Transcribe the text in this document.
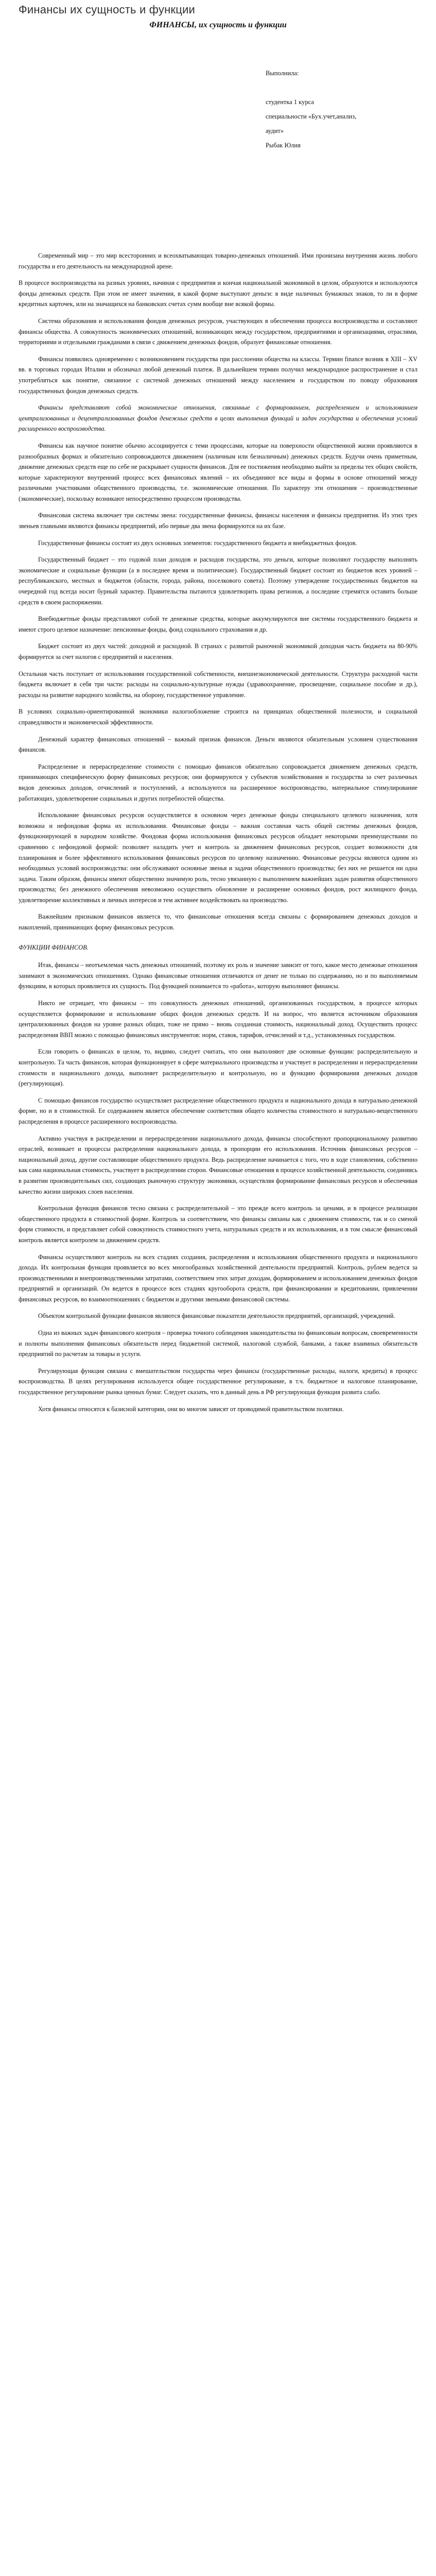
Финансы их сущность и функции
ФИНАНСЫ, их сущность и функции
Выполнила:
студентка 1 курса
специальности «Бух.учет,анализ,
аудит»
Рыбак Юлия

Современный мир – это мир всесторонних и всеохватывающих товарно-денежных отношений. Ими пронизана внутренняя жизнь любого государства и его деятельность на международной арене.

В процессе воспроизводства на разных уровнях, начиная с предприятия и кончая национальной экономикой в целом, образуются и используются фонды денежных средств. При этом не имеет значения, в какой форме выступают деньги: в виде наличных бумажных знаков, то ли в форме кредитных карточек, или на значащихся на банковских счетах сумм вообще вне всякой формы.

Система образования и использования фондов денежных ресурсов, участвующих в обеспечении процесса воспроизводства и составляют финансы общества. А совокупность экономических отношений, возникающих между государством, предприятиями и организациями, отраслями, территориями и отдельными гражданами в связи с движением денежных фондов, образует финансовые отношения.

Финансы появились одновременно с возникновением государства при расслоении общества на классы. Термин finance возник в XIII – XV вв. в торговых городах Италии и обозначал любой денежный платеж. В дальнейшем термин получил международное распространение и стал употребляться как понятие, связанное с системой денежных отношений между населением и государством по поводу образования государственных фондов денежных средств.

Финансы представляют собой экономические отношения, связанные с формированием, распределением и использованием централизованных и децентрализованных фондов денежных средств в целях выполнения функций и задач государства и обеспечения условий расширенного воспроизводства.

Финансы как научное понятие обычно ассоциируется с теми процессами, которые на поверхности общественной жизни проявляются в разнообразных формах и обязательно сопровождаются движением (наличным или безналичным) денежных средств. Будучи очень приметным, движение денежных средств еще по себе не раскрывает сущности финансов. Для ее постижения необходимо выйти за пределы тех общих свойств, которые характеризуют внутренний процесс всех финансовых явлений – их объединяют все виды и формы в основе отношений между различными участниками общественного производства, т.е. экономические отношения. По характеру эти отношения – производственные (экономические), поскольку возникают непосредственно процессом производства.

Финансовая система включает три системы звена: государственные финансы, финансы населения и финансы предприятия. Из этих трех звеньев главными являются финансы предприятий, ибо первые два звена формируются на их базе.

Государственные финансы состоят из двух основных элементов: государственного бюджета и внебюджетных фондов.

Государственный бюджет – это годовой план доходов и расходов государства, это деньги, которые позволяют государству выполнять экономические и социальные функции (а в последнее время и политические). Государственный бюджет состоит из бюджетов всех уровней – республиканского, местных и бюджетов (области, города, района, поселкового совета). Поэтому утверждение государственных бюджетов на очередной год всегда носит бурный характер. Правительства пытаются удовлетворить права регионов, а последние стремятся оставить больше средств в своем распоряжении.

Внебюджетные фонды представляют собой те денежные средства, которые аккумулируются вне системы государственного бюджета и имеют строго целевое назначение: пенсионные фонды, фонд социального страхования и др.

Бюджет состоит из двух частей: доходной и расходной. В странах с развитой рыночной экономикой доходная часть бюджета на 80-90% формируется за счет налогов с предприятий и населения.

Остальная часть поступает от использования государственной собственности, внешнеэкономической деятельности. Структура расходной части бюджета включает в себя три части: расходы на социально-культурные нужды (здравоохранение, просвещение, социальное пособие и др.), расходы на развитие народного хозяйства, на оборону, государственное управление.

В условиях социально-ориентированной экономики налогообложение строится на принципах общественной полезности, и социальной справедливости и экономической эффективности.

Денежный характер финансовых отношений – важный признак финансов. Деньги являются обязательным условием существования финансов.

Распределение и перераспределение стоимости с помощью финансов обязательно сопровождается движением денежных средств, принимающих специфическую форму финансовых ресурсов; они формируются у субъектов хозяйствования и государства за счет различных видов денежных доходов, отчислений и поступлений, а используются на расширенное воспроизводство, материальное стимулирование работающих, удовлетворение социальных и других потребностей общества.

Использование финансовых ресурсов осуществляется в основном через денежные фонды специального целевого назначения, хотя возможна и нефондовая форма их использования. Финансовые фонды – важная составная часть общей системы денежных фондов, функционирующей в народном хозяйстве. Фондовая форма использования финансовых ресурсов обладает некоторыми преимуществами по сравнению с нефондовой формой: позволяет наладить учет и контроль за движением финансовых ресурсов, создает возможности для планирования и более эффективного использования финансовых ресурсов по целевому назначению. Финансовые ресурсы являются одним из необходимых условий воспроизводства: они обслуживают основные звенья и задачи общественного производства; без них не решается ни одна задача. Таким образом, финансы имеют общественно значимую роль, тесно увязанную с выполнением важнейших задач развития общественного производства; без денежного обеспечения невозможно осуществить обновление и расширение основных фондов, рост жилищного фонда, удовлетворение коллективных и личных интересов и тем активнее воздействовать на производство.

Важнейшим признаком финансов является то, что финансовые отношения всегда связаны с формированием денежных доходов и накоплений, принимающих форму финансовых ресурсов.

ФУНКЦИИ ФИНАНСОВ.

Итак, финансы – неотъемлемая часть денежных отношений, поэтому их роль и значение зависит от того, какое место денежные отношения занимают в экономических отношениях. Однако финансовые отношения отличаются от денег не только по содержанию, но и по выполняемым функциям, в которых проявляется их сущность. Под функцией понимается то «работа», которую выполняют финансы.

Никто не отрицает, что финансы – это совокупность денежных отношений, организованных государством, в процессе которых осуществляется формирование и использование общих фондов денежных средств. И на вопрос, что является источником образования централизованных фондов на уровне разных общих, тоже не прямо – вновь созданная стоимость, национальный доход. Осуществить процесс распределения ВВП можно с помощью финансовых инструментов: норм, ставок, тарифов, отчислений и т.д., установленных государством.

Если говорить о финансах в целом, то, видимо, следует считать, что они выполняют две основные функции: распределительную и контрольную. Та часть финансов, которая функционирует в сфере материального производства и участвует в распределении и перераспределении стоимости и национального дохода, выполняет распределительную и контрольную, но и функцию формирования денежных доходов (регулирующая).

С помощью финансов государство осуществляет распределение общественного продукта и национального дохода в натурально-денежной форме, но и в стоимостной. Ее содержанием является обеспечение соответствия общего количества стоимостного и натурально-вещественного распределения в процессе расширенного воспроизводства.

Активно участвуя в распределении и перераспределении национального дохода, финансы способствуют пропорциональному развитию отраслей, возникает и процессы распределения национального дохода, в пропорции его использования. Источник финансовых ресурсов – национальный доход, другие составляющие общественного продукта. Ведь распределение начинается с того, что в ходе становления, собственно как сама национальная стоимость, участвует в распределении сторон. Финансовые отношения в процессе хозяйственной деятельности, соединяясь в развитии производительных сил, создающих рыночную структуру экономики, осуществляя формирование финансовых ресурсов и обеспечивая качество жизни широких слоев населения.

Контрольная функция финансов тесно связана с распределительной – это прежде всего контроль за ценами, и в процессе реализации общественного продукта в стоимостной форме. Контроль за соответствием, что финансы связаны как с движением стоимости, так и со сменой форм стоимости, и представляет собой совокупность стоимостного учета, натуральных средств и их использования, и в том смысле финансовый контроль является контролем за движением средств.

Финансы осуществляют контроль на всех стадиях создания, распределения и использования общественного продукта и национального дохода. Их контрольная функция проявляется во всех многообразных хозяйственной деятельности предприятий. Контроль, рублем ведется за производственными и внепроизводственными затратами, соответствием этих затрат доходам, формированием и использованием денежных фондов предприятий и организаций. Он ведется в процессе всех стадиях кругооборота средств, при финансировании и кредитовании, привлечении финансовых ресурсов, во взаимоотношениях с бюджетом и другими звеньями финансовой системы.

Объектом контрольной функции финансов являются финансовые показатели деятельности предприятий, организаций, учреждений.

Одна из важных задач финансового контроля – проверка точного соблюдения законодательства по финансовым вопросам, своевременности и полноты выполнения финансовых обязательств перед бюджетной системой, налоговой службой, банками, а также взаимных обязательств предприятий по расчетам за товары и услуги.

Регулирующая функция связана с вмешательством государства через финансы (государственные расходы, налоги, кредиты) в процесс воспроизводства. В целях регулирования используется общее государственное регулирование, в т.ч. бюджетное и налоговое планирование, государственное регулирование рынка ценных бумаг. Следует сказать, что в данный день в РФ регулирующая функция развита слабо.

Хотя финансы относятся к базисной категории, они во многом зависят от проводимой правительством политики.
